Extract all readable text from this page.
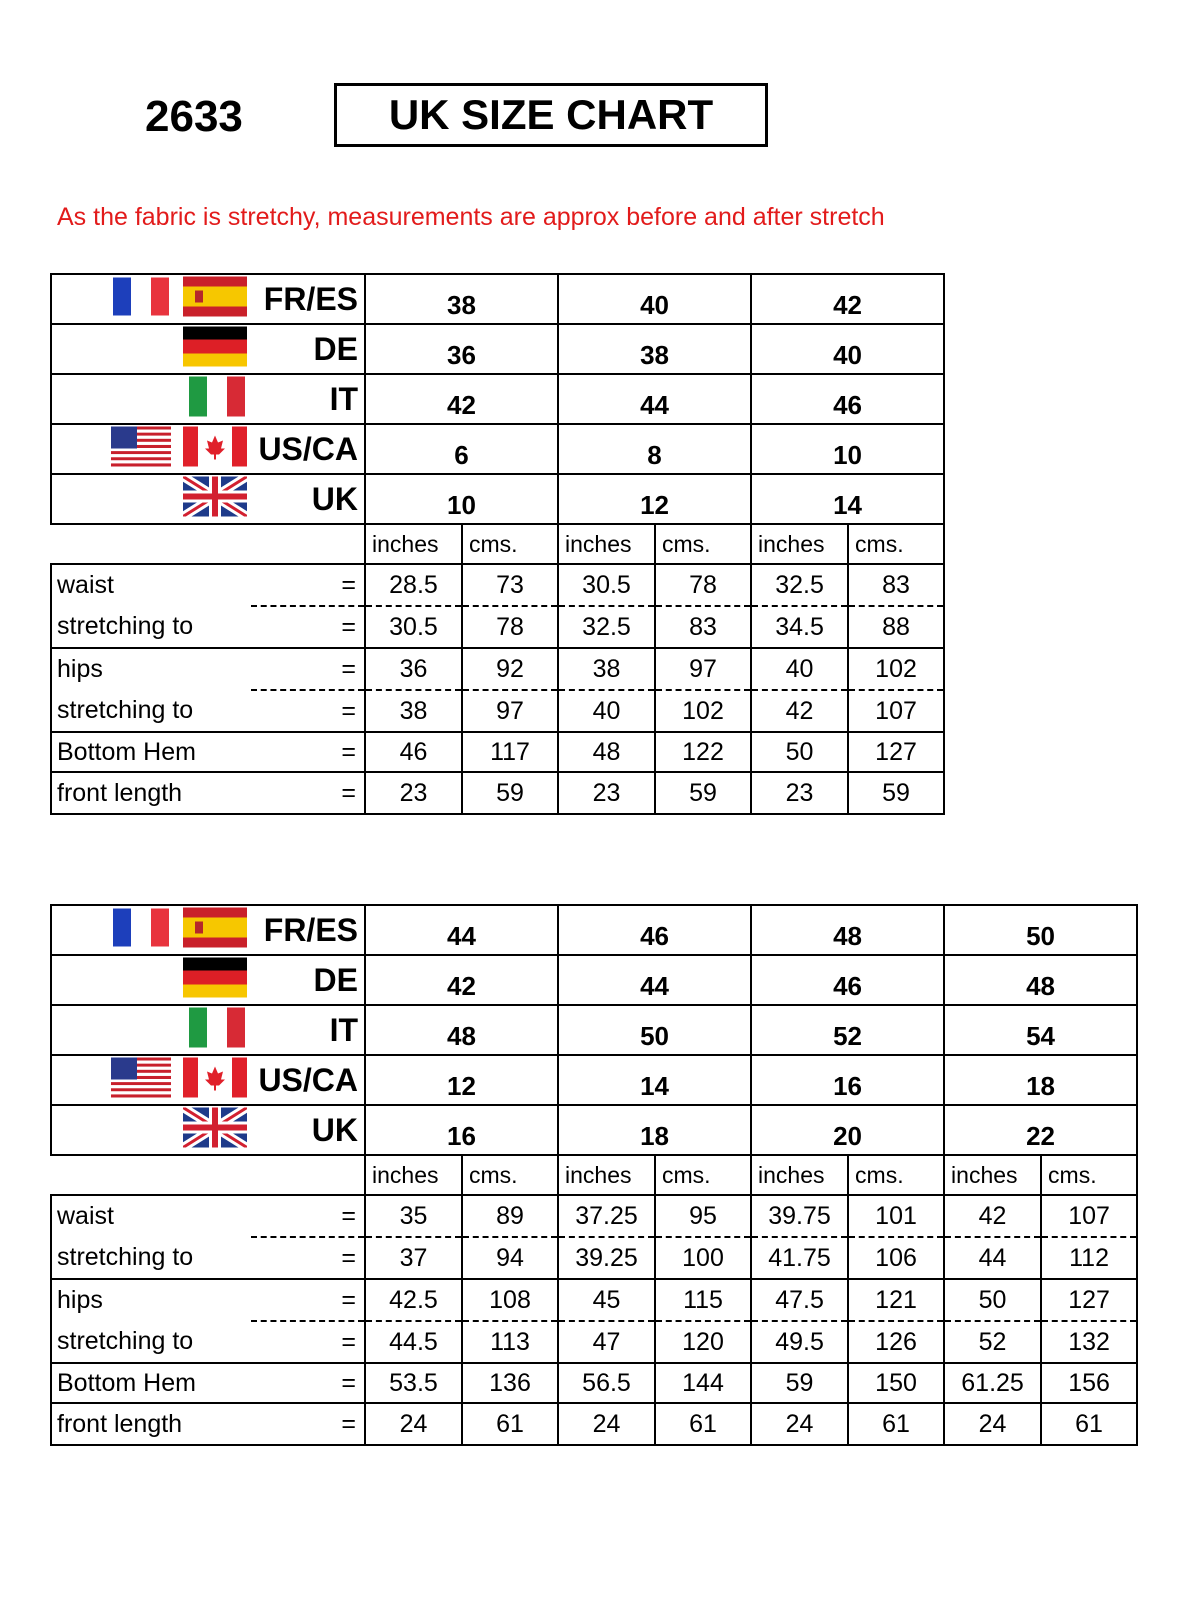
2633	UK SIZE CHART
As the fabric is stretchy, measurements are approx before and after stretch
	FR/ES	38		40		42	

	DE	36		38		40	

	IT	42		44		46	

	US/CA	6		8		10	

	UK	10		12		14	
		inches	cms.	inches	cms.	inches	cms.
waist	=	28.5	73	30.5	78	32.5	83
stretching to	=	30.5	78	32.5	83	34.5	88
hips	=	36	92	38	97	40	102
stretching to	=	38	97	40	102	42	107
Bottom Hem	=	46	117	48	122	50	127
front length	=	23	59	23	59	23	59
	FR/ES	44		46		48		50	

	DE	42		44		46		48	

	IT	48		50		52		54	

	US/CA	12		14		16		18	

	UK	16		18		20		22	
		inches	cms.	inches	cms.	inches	cms.	inches	cms.
waist	=	35	89	37.25	95	39.75	101	42	107
stretching to	=	37	94	39.25	100	41.75	106	44	112
hips	=	42.5	108	45	115	47.5	121	50	127
stretching to	=	44.5	113	47	120	49.5	126	52	132
Bottom Hem	=	53.5	136	56.5	144	59	150	61.25	156
front length	=	24	61	24	61	24	61	24	61
